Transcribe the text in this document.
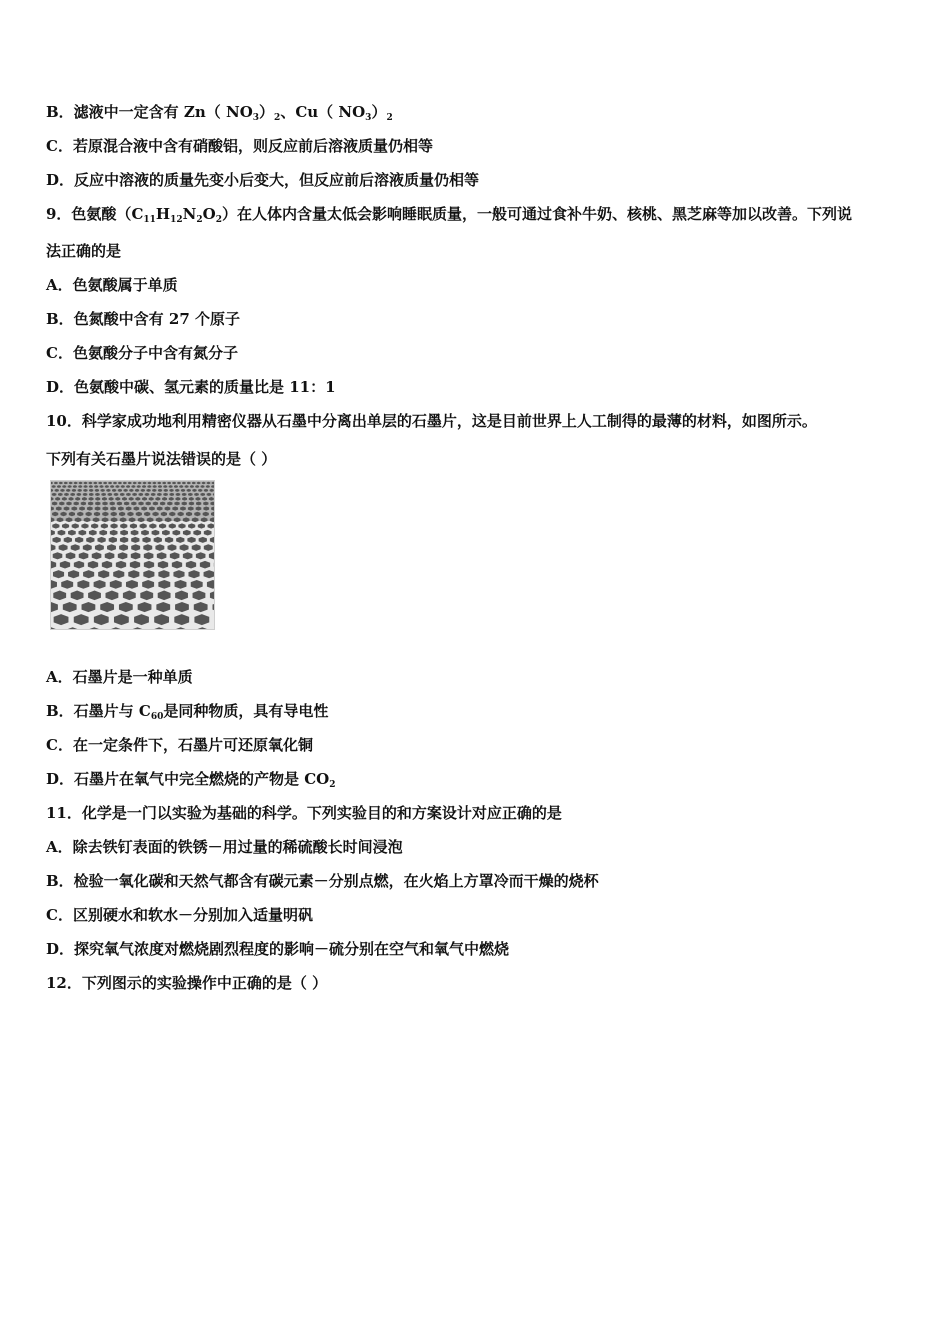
B．滤液中一定含有 Zn（ $NO_3)_2$、Cu（ $NO_3)_2$
C．若原混合液中含有硝酸铝，则反应前后溶液质量仍相等
D．反应中溶液的质量先变小后变大，但反应前后溶液质量仍相等
9．色氨酸$(C_{11}H_{12}N_2O_2)$在人体内含量太低会影响睡眠质量，一般可通过食补牛奶、核桃、黑芝麻等加以改善。下列说
法正确的是
A．色氨酸属于单质
B．色氮酸中含有 27 个原子
C．色氨酸分子中含有氮分子
D．色氨酸中碳、氢元素的质量比是 11：1
10．科学家成功地利用精密仪器从石墨中分离出单层的石墨片，这是目前世界上人工制得的最薄的材料，如图所示。
下列有关石墨片说法错误的是（ ）
A．石墨片是一种单质
B．石墨片与 $C_{60}$是同种物质，具有导电性
C．在一定条件下，石墨片可还原氧化铜
D．石墨片在氧气中完全燃烧的产物是 $CO_2$
11．化学是一门以实验为基础的科学。下列实验目的和方案设计对应正确的是
A．除去铁钉表面的铁锈－用过量的稀硫酸长时间浸泡
B．检验一氧化碳和天然气都含有碳元素－分别点燃，在火焰上方罩冷而干燥的烧杯
C．区别硬水和软水－分别加入适量明矾
D．探究氧气浓度对燃烧剧烈程度的影响－硫分别在空气和氧气中燃烧
12．下列图示的实验操作中正确的是（ ）
